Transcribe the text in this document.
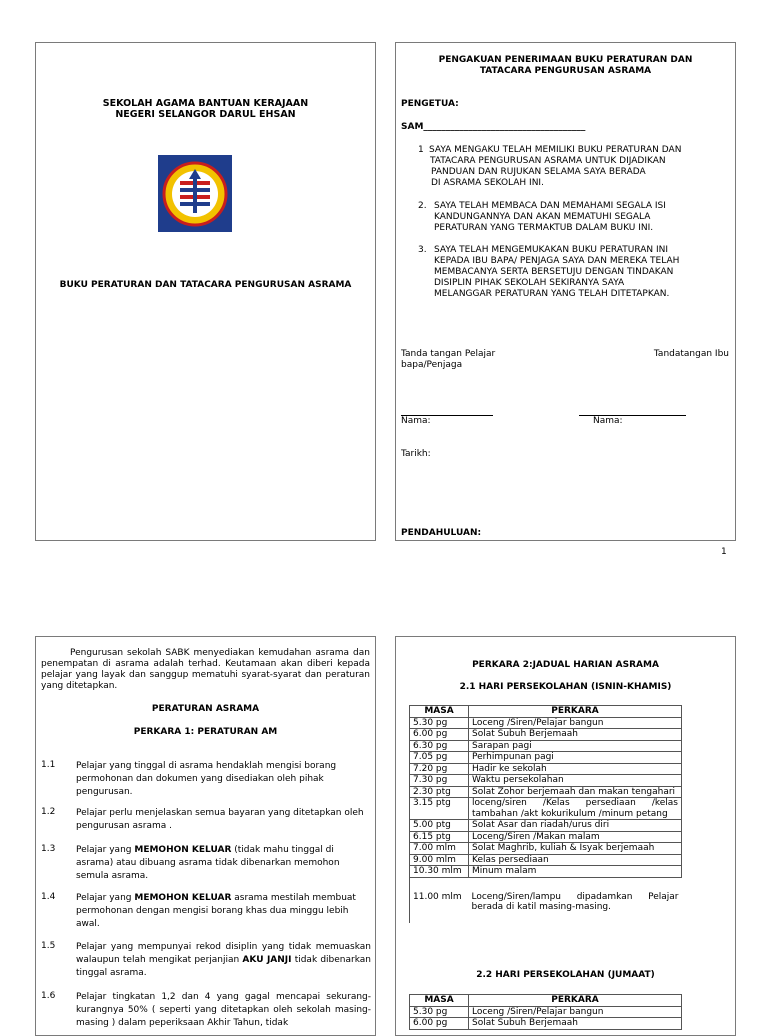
SEKOLAH AGAMA BANTUAN KERAJAAN
NEGERI SELANGOR DARUL EHSAN
BUKU PERATURAN DAN TATACARA PENGURUSAN ASRAMA
PENGAKUAN PENERIMAAN BUKU PERATURAN DAN
TATACARA PENGURUSAN ASRAMA
PENGETUA:
SAM____________________________________
1 SAYA MENGAKU TELAH MEMILIKI BUKU PERATURAN DAN

TATACARA PENGURUSAN ASRAMA UNTUK DIJADIKAN

PANDUAN DAN RUJUKAN SELAMA SAYA BERADA

DI ASRAMA SEKOLAH INI.

2. SAYA TELAH MEMBACA DAN MEMAHAMI SEGALA ISI

KANDUNGANNYA DAN AKAN MEMATUHI SEGALA

PERATURAN YANG TERMAKTUB DALAM BUKU INI.

3. SAYA TELAH MENGEMUKAKAN BUKU PERATURAN INI

KEPADA IBU BAPA/ PENJAGA SAYA DAN MEREKA TELAH

MEMBACANYA SERTA BERSETUJU DENGAN TINDAKAN

DISIPLIN PIHAK SEKOLAH SEKIRANYA SAYA

MELANGGAR PERATURAN YANG TELAH DITETAPKAN.

Tanda tangan Pelajar	Tandatangan Ibu
bapa/Penjaga
Nama:	Nama:
Tarikh:
PENDAHULUAN:
1
Pengurusan sekolah SABK menyediakan kemudahan asrama dan penempatan di asrama adalah terhad. Keutamaan akan diberi kepada pelajar yang layak dan sanggup mematuhi syarat-syarat dan peraturan yang ditetapkan.
PERATURAN ASRAMA
PERKARA 1: PERATURAN AM
1.1 Pelajar yang tinggal di asrama hendaklah mengisi borang permohonan dan dokumen yang disediakan oleh pihak pengurusan.
1.2 Pelajar perlu menjelaskan semua bayaran yang ditetapkan oleh pengurusan asrama .
1.3 Pelajar yang MEMOHON KELUAR (tidak mahu tinggal di asrama) atau dibuang asrama tidak dibenarkan memohon semula asrama.
1.4 Pelajar yang MEMOHON KELUAR asrama mestilah membuat permohonan dengan mengisi borang khas dua minggu lebih awal.
1.5 Pelajar yang mempunyai rekod disiplin yang tidak memuaskan walaupun telah mengikat perjanjian AKU JANJI tidak dibenarkan tinggal asrama.
1.6 Pelajar tingkatan 1,2 dan 4 yang gagal mencapai sekurang-kurangnya 50% ( seperti yang ditetapkan oleh sekolah masing-masing ) dalam peperiksaan Akhir Tahun, tidak
PERKARA 2:JADUAL HARIAN ASRAMA
2.1 HARI PERSEKOLAHAN (ISNIN-KHAMIS)
MASA	PERKARA
5.30 pg	Loceng /Siren/Pelajar bangun
6.00 pg	Solat Subuh Berjemaah
6.30 pg	Sarapan pagi
7.05 pg	Perhimpunan pagi
7.20 pg	Hadir ke sekolah
7.30 pg	Waktu persekolahan
2.30 ptg	Solat Zohor berjemaah dan makan tengahari
3.15 ptg	loceng/siren /Kelas persediaan /kelas tambahan /akt kokurikulum /minum petang
5.00 ptg	Solat Asar dan riadah/urus diri
6.15 ptg	Loceng/Siren /Makan malam
7.00 mlm	Solat Maghrib, kuliah & Isyak berjemaah
9.00 mlm	Kelas persediaan
10.30 mlm	Minum malam
11.00 mlm	Loceng/Siren/lampu dipadamkan Pelajar berada di katil masing-masing.
2.2 HARI PERSEKOLAHAN (JUMAAT)
MASA	PERKARA
5.30 pg	Loceng /Siren/Pelajar bangun
6.00 pg	Solat Subuh Berjemaah
